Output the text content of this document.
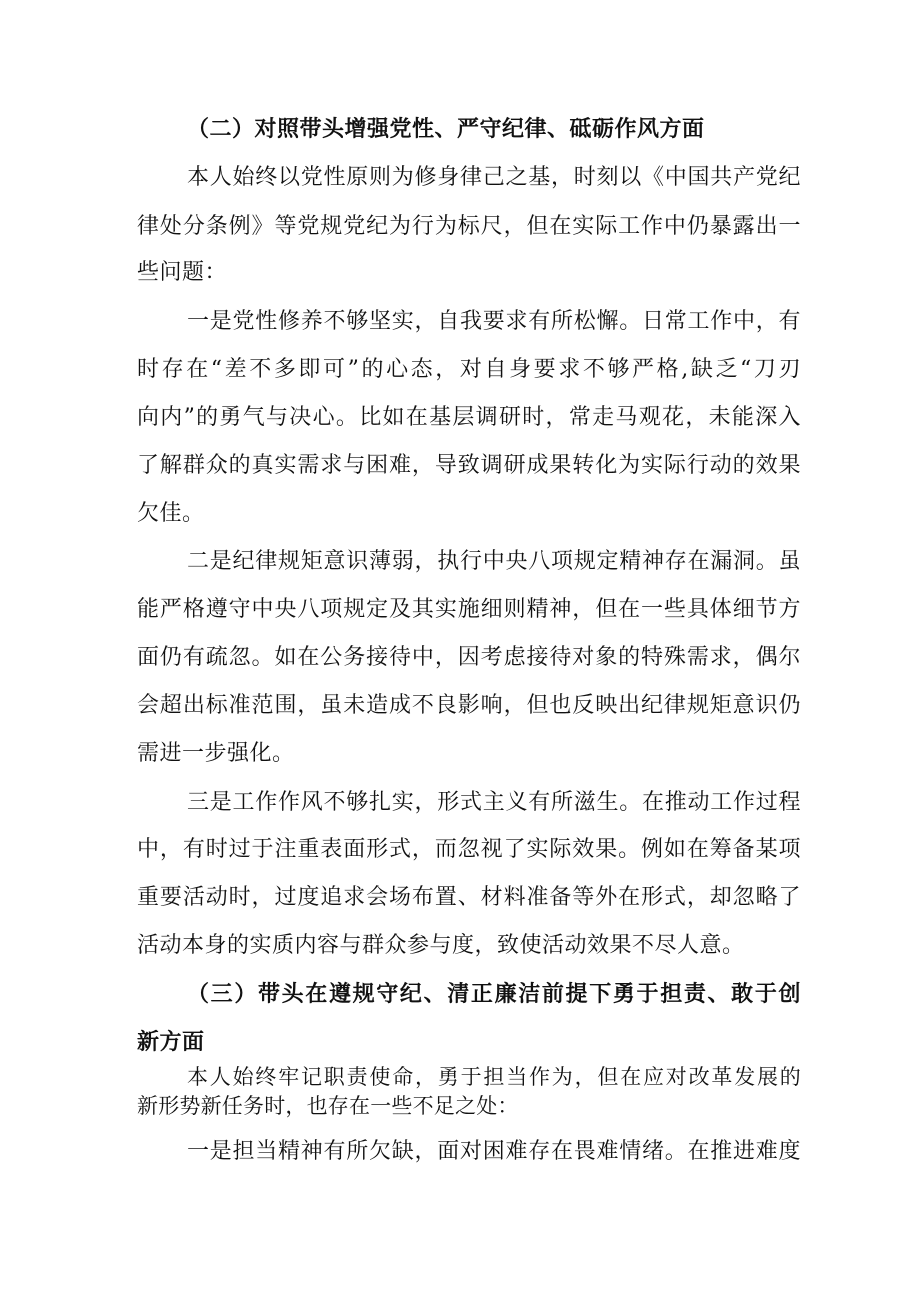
（二）对照带头增强党性、严守纪律、砥砺作风方面
本人始终以党性原则为修身律己之基，时刻以《中国共产党纪
律处分条例》等党规党纪为行为标尺，但在实际工作中仍暴露出一
些问题：
一是党性修养不够坚实，自我要求有所松懈。日常工作中，有
时存在“差不多即可”的心态，对自身要求不够严格,缺乏“刀刃
向内”的勇气与决心。比如在基层调研时，常走马观花，未能深入
了解群众的真实需求与困难，导致调研成果转化为实际行动的效果
欠佳。
二是纪律规矩意识薄弱，执行中央八项规定精神存在漏洞。虽
能严格遵守中央八项规定及其实施细则精神，但在一些具体细节方
面仍有疏忽。如在公务接待中，因考虑接待对象的特殊需求，偶尔
会超出标准范围，虽未造成不良影响，但也反映出纪律规矩意识仍
需进一步强化。
三是工作作风不够扎实，形式主义有所滋生。在推动工作过程
中，有时过于注重表面形式，而忽视了实际效果。例如在筹备某项
重要活动时，过度追求会场布置、材料准备等外在形式，却忽略了
活动本身的实质内容与群众参与度，致使活动效果不尽人意。
（三）带头在遵规守纪、清正廉洁前提下勇于担责、敢于创
新方面
本人始终牢记职责使命，勇于担当作为，但在应对改革发展的
新形势新任务时，也存在一些不足之处：
一是担当精神有所欠缺，面对困难存在畏难情绪。在推进难度
